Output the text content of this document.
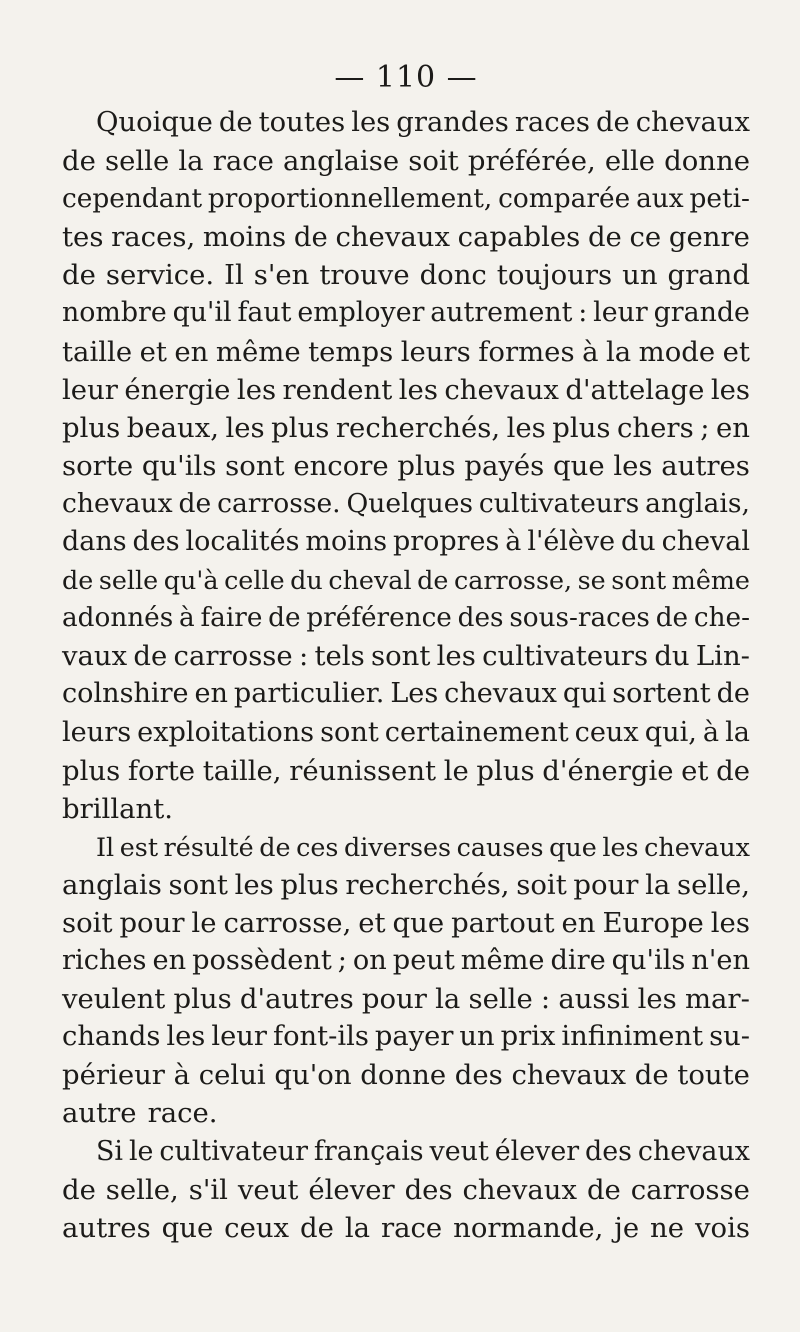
— 110 —
Quoique de toutes les grandes races de chevaux
de selle la race anglaise soit préférée, elle donne
cependant proportionnellement, comparée aux peti-
tes races, moins de chevaux capables de ce genre
de service. Il s'en trouve donc toujours un grand
nombre qu'il faut employer autrement : leur grande
taille et en même temps leurs formes à la mode et
leur énergie les rendent les chevaux d'attelage les
plus beaux, les plus recherchés, les plus chers ; en
sorte qu'ils sont encore plus payés que les autres
chevaux de carrosse. Quelques cultivateurs anglais,
dans des localités moins propres à l'élève du cheval
de selle qu'à celle du cheval de carrosse, se sont même
adonnés à faire de préférence des sous-races de che-
vaux de carrosse : tels sont les cultivateurs du Lin-
colnshire en particulier. Les chevaux qui sortent de
leurs exploitations sont certainement ceux qui, à la
plus forte taille, réunissent le plus d'énergie et de
brillant.
Il est résulté de ces diverses causes que les chevaux
anglais sont les plus recherchés, soit pour la selle,
soit pour le carrosse, et que partout en Europe les
riches en possèdent ; on peut même dire qu'ils n'en
veulent plus d'autres pour la selle : aussi les mar-
chands les leur font-ils payer un prix infiniment su-
périeur à celui qu'on donne des chevaux de toute
autre race.
Si le cultivateur français veut élever des chevaux
de selle, s'il veut élever des chevaux de carrosse
autres que ceux de la race normande, je ne vois
